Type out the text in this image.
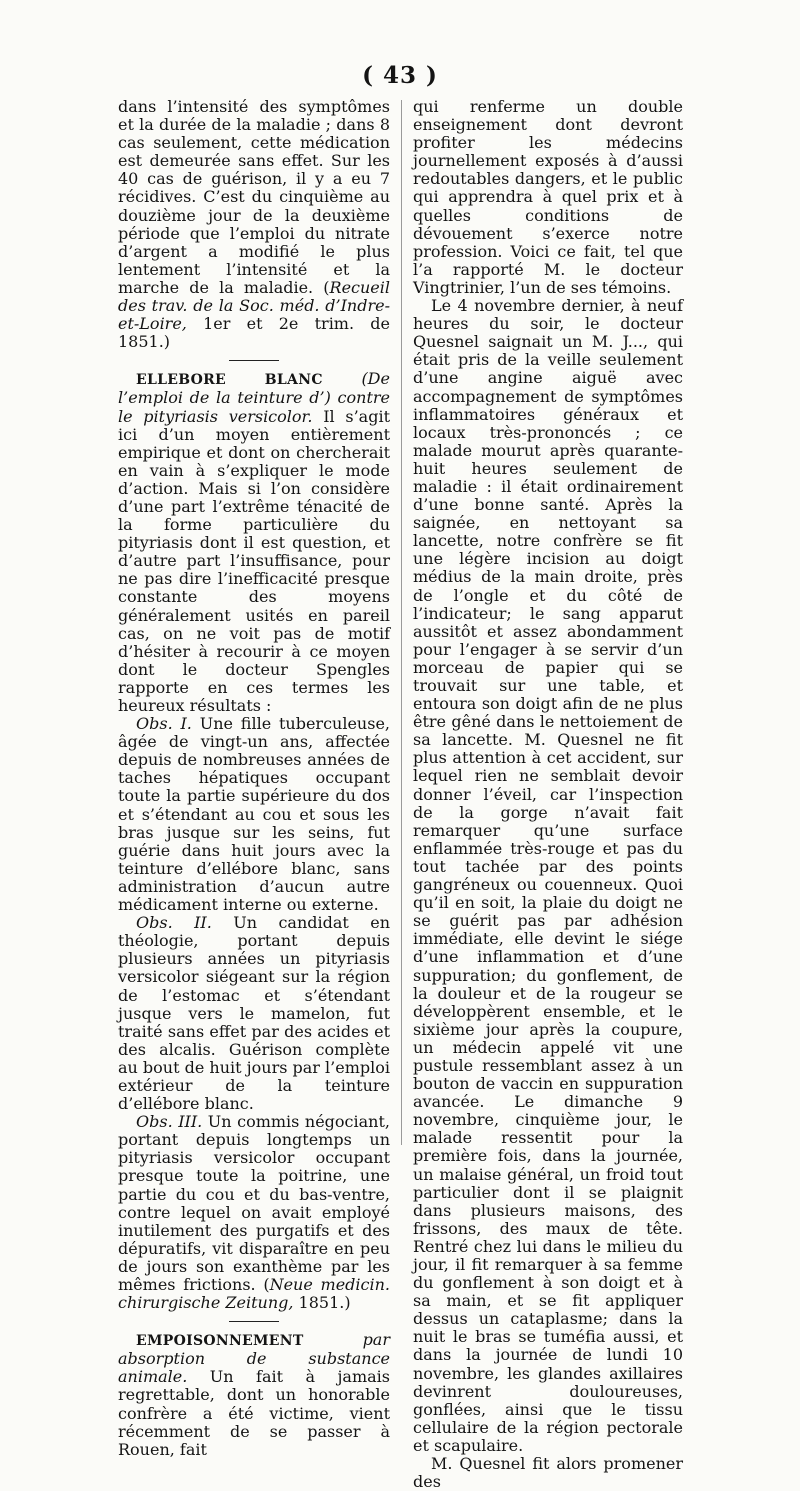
( 43 )

dans l’intensité des symptômes et la durée de la maladie ; dans 8 cas seulement, cette médication est demeurée sans effet. Sur les 40 cas de guérison, il y a eu 7 récidives. C’est du cinquième au douzième jour de la deuxième période que l’emploi du nitrate d’argent a modifié le plus lentement l’intensité et la marche de la maladie. (Recueil des trav. de la Soc. méd. d’Indre-et-Loire, 1er et 2e trim. de 1851.)

ELLEBORE BLANC (De l’emploi de la teinture d’) contre le pityriasis versicolor. Il s’agit ici d’un moyen entièrement empirique et dont on chercherait en vain à s’expliquer le mode d’action. Mais si l’on considère d’une part l’extrême ténacité de la forme particulière du pityriasis dont il est question, et d’autre part l’insuffisance, pour ne pas dire l’inefficacité presque constante des moyens généralement usités en pareil cas, on ne voit pas de motif d’hésiter à recourir à ce moyen dont le docteur Spengles rapporte en ces termes les heureux résultats :

Obs. I. Une fille tuberculeuse, âgée de vingt-un ans, affectée depuis de nombreuses années de taches hépatiques occupant toute la partie supérieure du dos et s’étendant au cou et sous les bras jusque sur les seins, fut guérie dans huit jours avec la teinture d’ellébore blanc, sans administration d’aucun autre médicament interne ou externe.

Obs. II. Un candidat en théologie, portant depuis plusieurs années un pityriasis versicolor siégeant sur la région de l’estomac et s’étendant jusque vers le mamelon, fut traité sans effet par des acides et des alcalis. Guérison complète au bout de huit jours par l’emploi extérieur de la teinture d’ellébore blanc.

Obs. III. Un commis négociant, portant depuis longtemps un pityriasis versicolor occupant presque toute la poitrine, une partie du cou et du bas-ventre, contre lequel on avait employé inutilement des purgatifs et des dépuratifs, vit disparaître en peu de jours son exanthème par les mêmes frictions. (Neue medicin. chirurgische Zeitung, 1851.)

EMPOISONNEMENT	par absorption de substance animale. Un fait à jamais regrettable, dont un honorable confrère a été victime, vient récemment de se passer à Rouen, fait

qui renferme un double enseignement dont devront profiter les médecins journellement exposés à d’aussi redoutables dangers, et le public qui apprendra à quel prix et à quelles conditions de dévouement s’exerce notre profession. Voici ce fait, tel que l’a rapporté M. le docteur Vingtrinier, l’un de ses témoins.

Le 4 novembre dernier, à neuf heures du soir, le docteur Quesnel saignait un M. J..., qui était pris de la veille seulement d’une angine aiguë avec accompagnement de symptômes inflammatoires généraux et locaux très-prononcés ; ce malade mourut après quarante-huit heures seulement de maladie : il était ordinairement d’une bonne santé. Après la saignée, en nettoyant sa lancette, notre confrère se fit une légère incision au doigt médius de la main droite, près de l’ongle et du côté de l’indicateur; le sang apparut aussitôt et assez abondamment pour l’engager à se servir d’un morceau de papier qui se trouvait sur une table, et entoura son doigt afin de ne plus être gêné dans le nettoiement de sa lancette. M. Quesnel ne fit plus attention à cet accident, sur lequel rien ne semblait devoir donner l’éveil, car l’inspection de la gorge n’avait fait remarquer qu’une surface enflammée très-rouge et pas du tout tachée par des points gangréneux ou couenneux. Quoi qu’il en soit, la plaie du doigt ne se guérit pas par adhésion immédiate, elle devint le siége d’une inflammation et d’une suppuration; du gonflement, de la douleur et de la rougeur se développèrent ensemble, et le sixième jour après la coupure, un médecin appelé vit une pustule ressemblant assez à un bouton de vaccin en suppuration avancée. Le dimanche 9 novembre, cinquième jour, le malade ressentit pour la première fois, dans la journée, un malaise général, un froid tout particulier dont il se plaignit dans plusieurs maisons, des frissons, des maux de tête. Rentré chez lui dans le milieu du jour, il fit remarquer à sa femme du gonflement à son doigt et à sa main, et se fit appliquer dessus un cataplasme; dans la nuit le bras se tuméfia aussi, et dans la journée de lundi 10 novembre, les glandes axillaires devinrent douloureuses, gonflées, ainsi que le tissu cellulaire de la région pectorale et scapulaire.

M. Quesnel fit alors promener des
